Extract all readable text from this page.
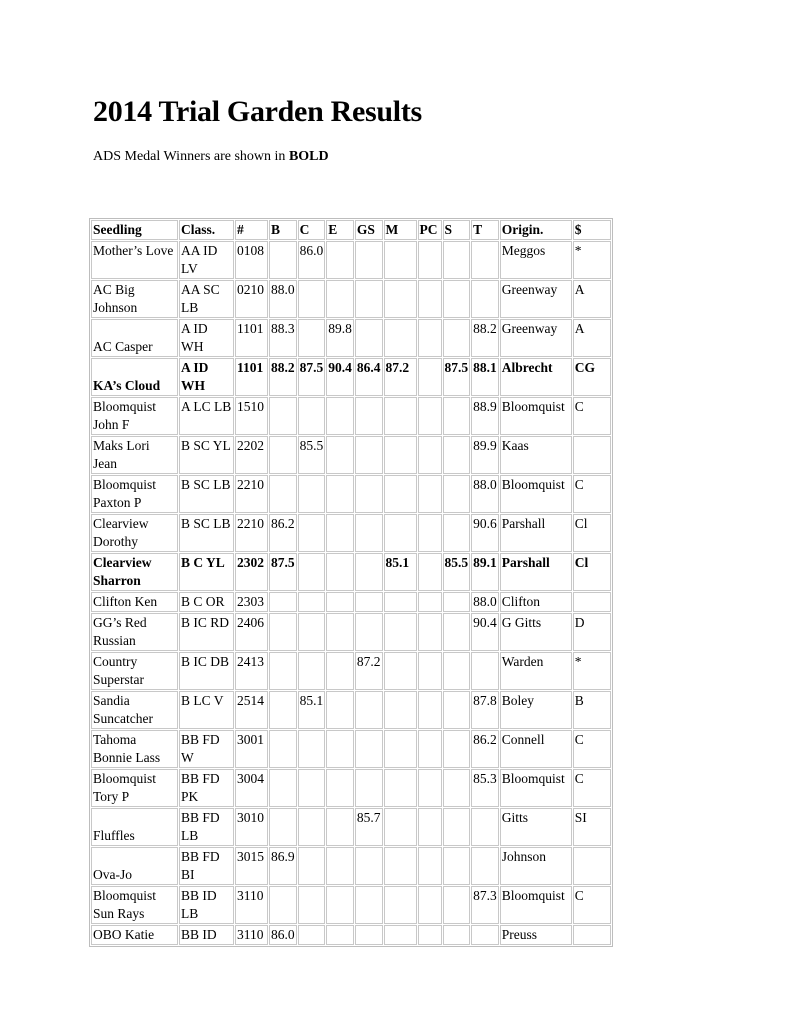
2014 Trial Garden Results

ADS Medal Winners are shown in BOLD

Seedling	Class.	#	B	C	E	GS	M	PC	S	T	Origin.	$
Mother’s Love	AA ID LV	0108		86.0							Meggos	*
AC Big Johnson	AA SC LB	0210	88.0								Greenway	A
AC Casper	A ID WH	1101	88.3		89.8					88.2	Greenway	A
KA’s Cloud	A ID WH	1101	88.2	87.5	90.4	86.4	87.2		87.5	88.1	Albrecht	CG
Bloomquist John F	A LC LB	1510								88.9	Bloomquist	C
Maks Lori Jean	B SC YL	2202		85.5						89.9	Kaas	
Bloomquist Paxton P	B SC LB	2210								88.0	Bloomquist	C
Clearview Dorothy	B SC LB	2210	86.2							90.6	Parshall	Cl
Clearview Sharron	B C YL	2302	87.5				85.1		85.5	89.1	Parshall	Cl
Clifton Ken	B C OR	2303								88.0	Clifton	
GG’s Red Russian	B IC RD	2406								90.4	G Gitts	D
Country Superstar	B IC DB	2413				87.2					Warden	*
Sandia Suncatcher	B LC V	2514		85.1						87.8	Boley	B
Tahoma Bonnie Lass	BB FD W	3001								86.2	Connell	C
Bloomquist Tory P	BB FD PK	3004								85.3	Bloomquist	C
Fluffles	BB FD LB	3010				85.7					Gitts	SI
Ova-Jo	BB FD BI	3015	86.9								Johnson	
Bloomquist Sun Rays	BB ID LB	3110								87.3	Bloomquist	C
OBO Katie	BB ID	3110	86.0								Preuss	
